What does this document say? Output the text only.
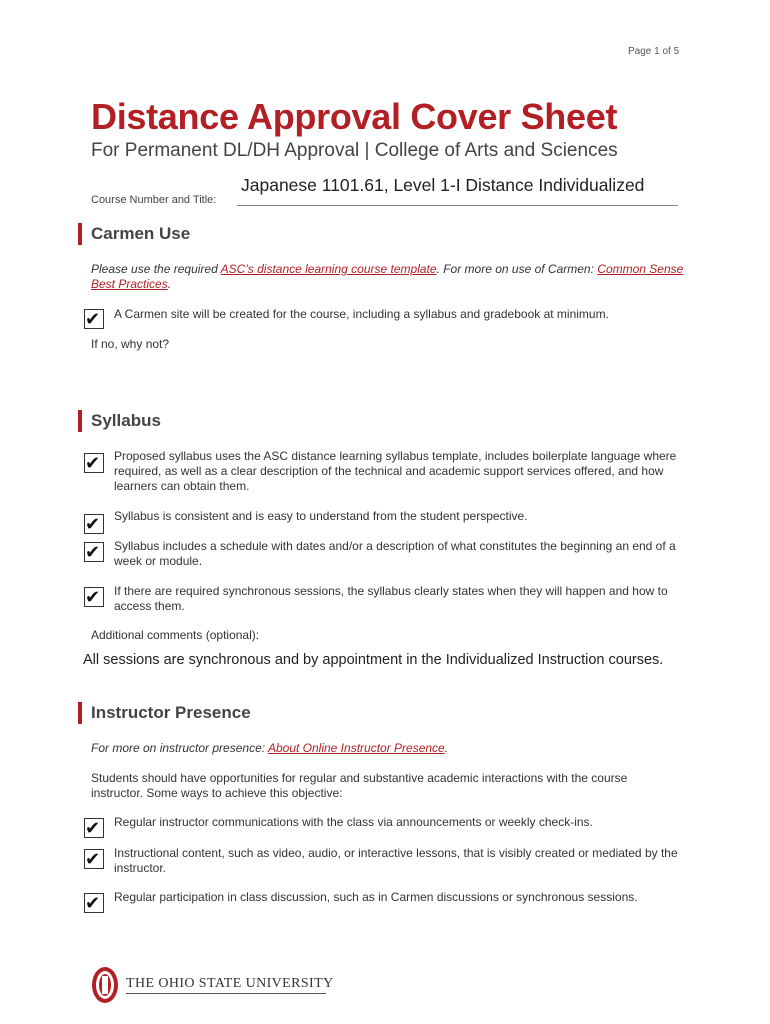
Page 1 of 5
Distance Approval Cover Sheet
For Permanent DL/DH Approval | College of Arts and Sciences
Course Number and Title:
Japanese 1101.61, Level 1-I Distance Individualized
Carmen Use
Please use the required ASC’s distance learning course template. For more on use of Carmen: Common Sense Best Practices.
✔	A Carmen site will be created for the course, including a syllabus and gradebook at minimum.
If no, why not?
Syllabus
✔	Proposed syllabus uses the ASC distance learning syllabus template, includes boilerplate language where required, as well as a clear description of the technical and academic support services offered, and how learners can obtain them.
✔	Syllabus is consistent and is easy to understand from the student perspective.
✔	Syllabus includes a schedule with dates and/or a description of what constitutes the beginning an end of a week or module.
✔	If there are required synchronous sessions, the syllabus clearly states when they will happen and how to access them.
Additional comments (optional):
All sessions are synchronous and by appointment in the Individualized Instruction courses.
Instructor Presence
For more on instructor presence: About Online Instructor Presence.
Students should have opportunities for regular and substantive academic interactions with the course instructor. Some ways to achieve this objective:
✔	Regular instructor communications with the class via announcements or weekly check-ins.
✔	Instructional content, such as video, audio, or interactive lessons, that is visibly created or mediated by the instructor.
✔	Regular participation in class discussion, such as in Carmen discussions or synchronous sessions.
THE OHIO STATE UNIVERSITY
